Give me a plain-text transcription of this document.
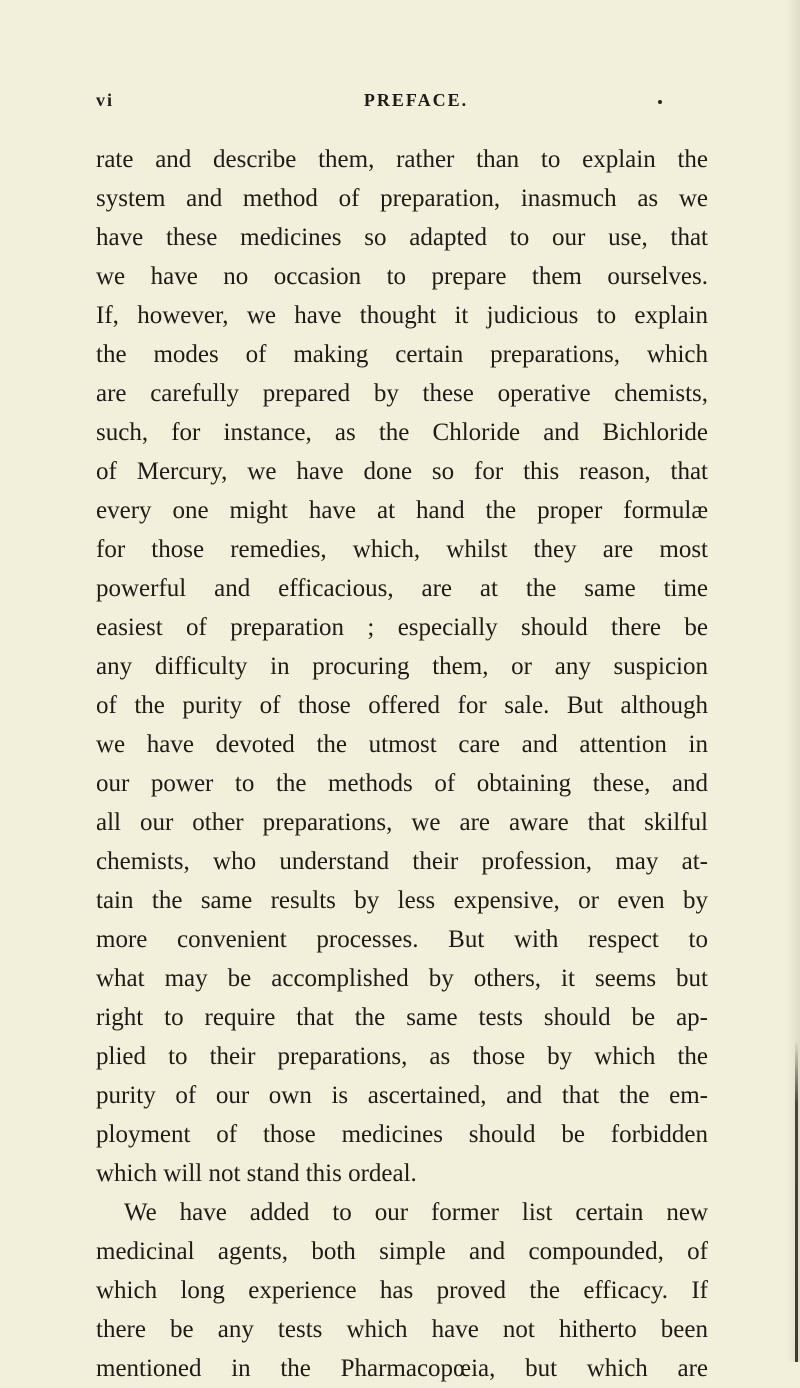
vi	PREFACE.
rate and describe them, rather than to explain the
system and method of preparation, inasmuch as we
have these medicines so adapted to our use, that
we have no occasion to prepare them ourselves.
If, however, we have thought it judicious to explain
the modes of making certain preparations, which
are carefully prepared by these operative chemists,
such, for instance, as the Chloride and Bichloride
of Mercury, we have done so for this reason, that
every one might have at hand the proper formulæ
for those remedies, which, whilst they are most
powerful and efficacious, are at the same time
easiest of preparation ; especially should there be
any difficulty in procuring them, or any suspicion
of the purity of those offered for sale. But although
we have devoted the utmost care and attention in
our power to the methods of obtaining these, and
all our other preparations, we are aware that skilful
chemists, who understand their profession, may at-
tain the same results by less expensive, or even by
more convenient processes. But with respect to
what may be accomplished by others, it seems but
right to require that the same tests should be ap-
plied to their preparations, as those by which the
purity of our own is ascertained, and that the em-
ployment of those medicines should be forbidden
which will not stand this ordeal.
We have added to our former list certain new
medicinal agents, both simple and compounded, of
which long experience has proved the efficacy. If
there be any tests which have not hitherto been
mentioned in the Pharmacopœia, but which are
